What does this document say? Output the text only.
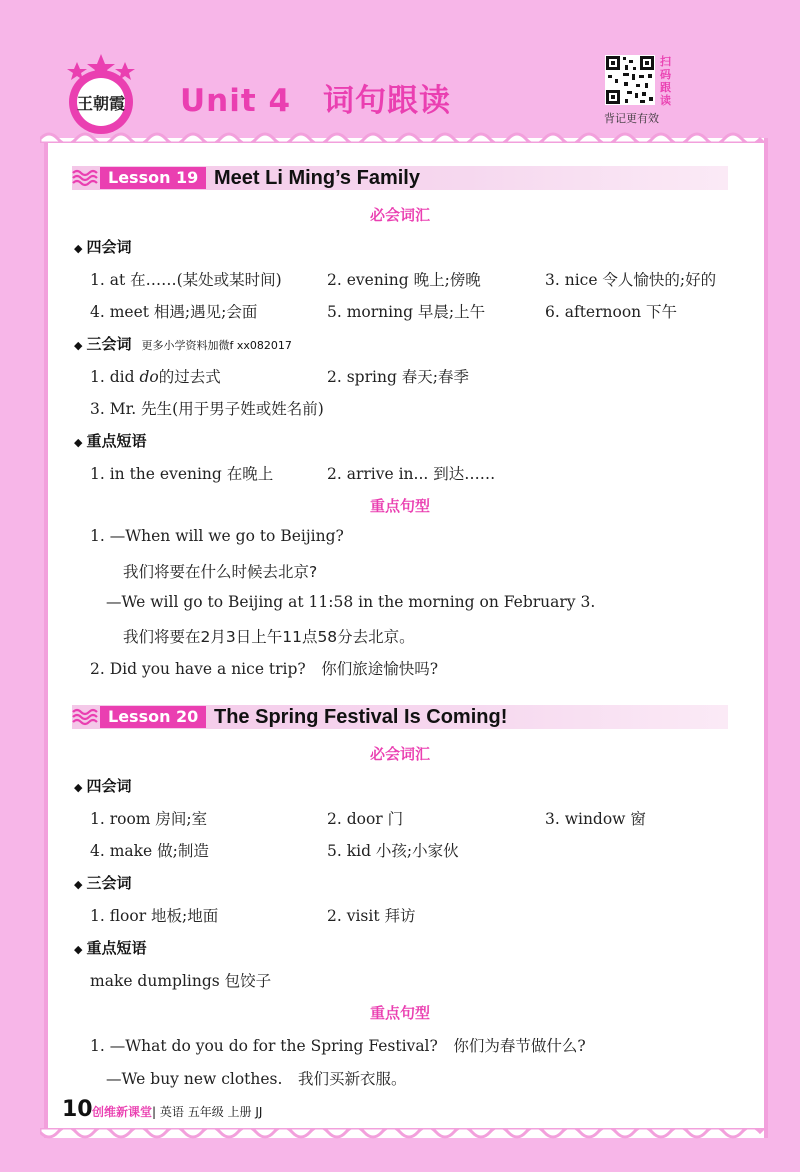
王朝霞 Unit 4　词句跟读
扫码跟读
背记更有效
Lesson 19 Meet Li Ming’s Family
必会词汇
◆ 四会词
1. at 在……(某处或某时间)	2. evening 晚上;傍晚	3. nice 令人愉快的;好的
4. meet 相遇;遇见;会面	5. morning 早晨;上午	6. afternoon 下午
◆ 三会词 更多小学资料加微f xx082017
1. did do的过去式	2. spring 春天;春季
3. Mr. 先生(用于男子姓或姓名前)
◆ 重点短语
1. in the evening 在晚上	2. arrive in... 到达……
重点句型
1. —When will we go to Beijing?
我们将要在什么时候去北京?
—We will go to Beijing at 11:58 in the morning on February 3.
我们将要在2月3日上午11点58分去北京。
2. Did you have a nice trip?　你们旅途愉快吗?
Lesson 20 The Spring Festival Is Coming!
必会词汇
◆ 四会词
1. room 房间;室	2. door 门	3. window 窗
4. make 做;制造	5. kid 小孩;小家伙
◆ 三会词
1. floor 地板;地面	2. visit 拜访
◆ 重点短语
make dumplings 包饺子
重点句型
1. —What do you do for the Spring Festival?　你们为春节做什么?
—We buy new clothes.　我们买新衣服。
10 创维新课堂| 英语 五年级 上册 JJ
